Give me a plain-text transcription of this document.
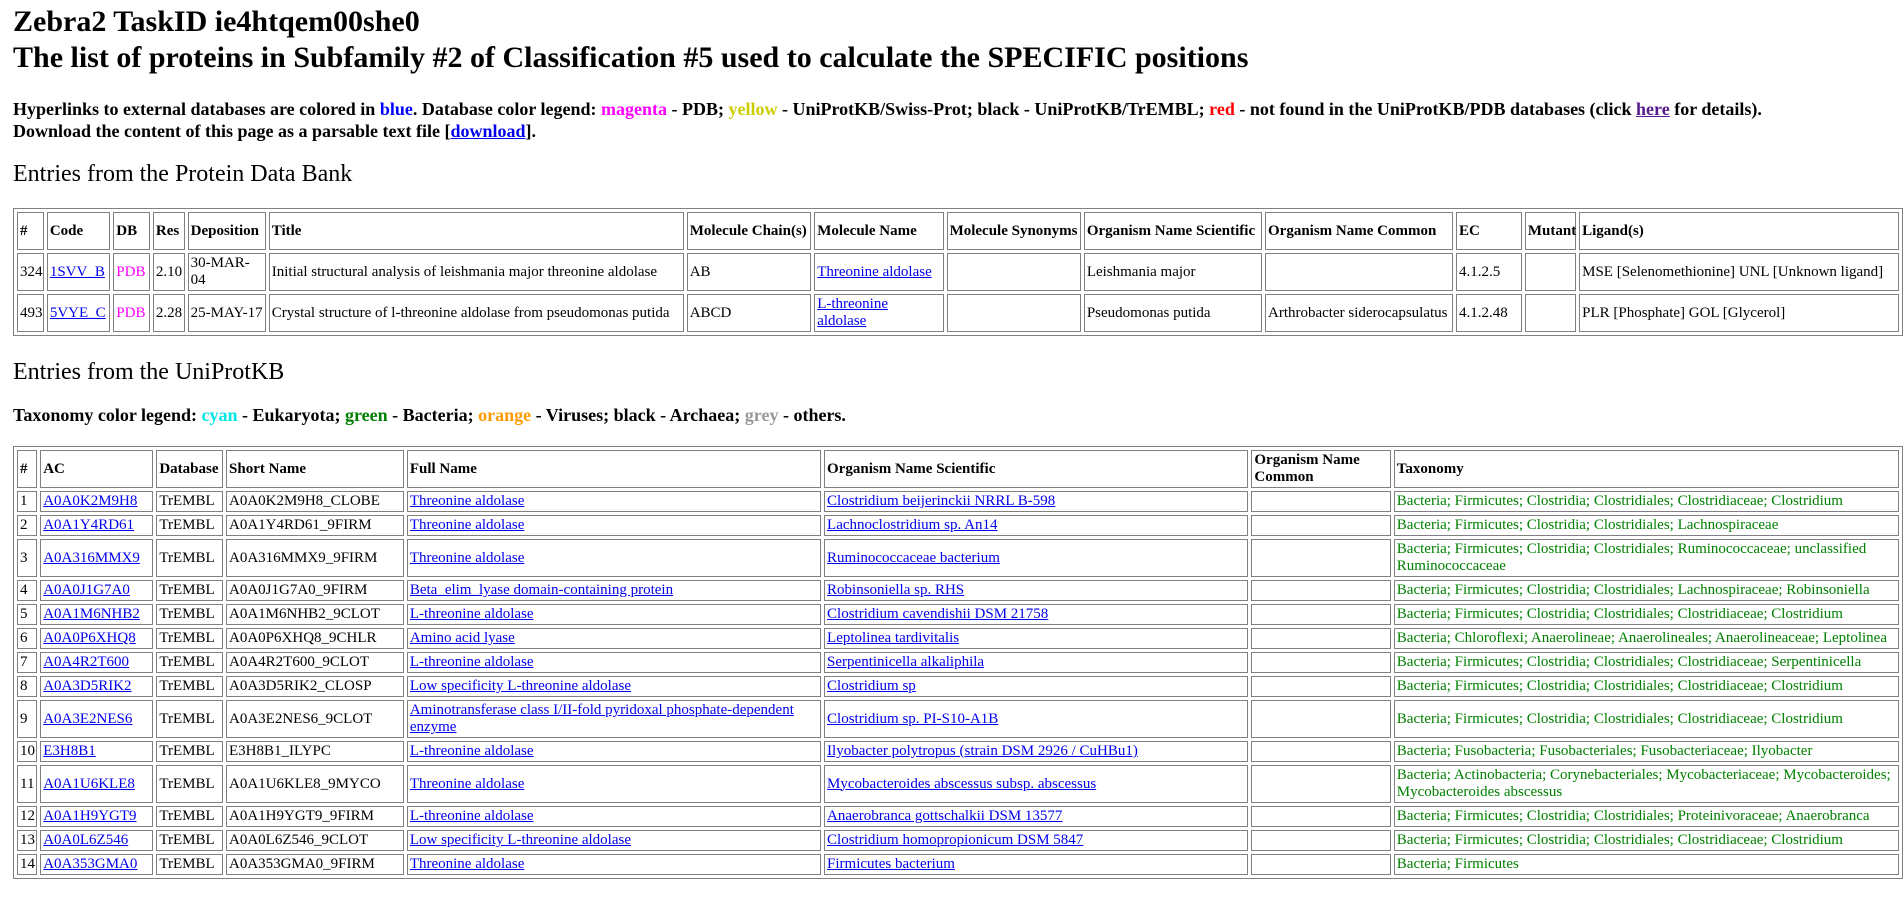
Zebra2 TaskID ie4htqem00she0
The list of proteins in Subfamily #2 of Classification #5 used to calculate the SPECIFIC positions

Hyperlinks to external databases are colored in blue. Database color legend: magenta - PDB; yellow - UniProtKB/Swiss-Prot; black - UniProtKB/TrEMBL; red - not found in the UniProtKB/PDB databases (click here for details).
Download the content of this page as a parsable text file [download].

Entries from the Protein Data Bank
#	Code	DB	Res	Deposition	Title	Molecule Chain(s)	Molecule Name	Molecule Synonyms	Organism Name Scientific	Organism Name Common	EC	Mutant	Ligand(s)
324	1SVV_B	PDB	2.10	30-MAR-04	Initial structural analysis of leishmania major threonine aldolase	AB	Threonine aldolase		Leishmania major		4.1.2.5		MSE [Selenomethionine] UNL [Unknown ligand]
493	5VYE_C	PDB	2.28	25-MAY-17	Crystal structure of l-threonine aldolase from pseudomonas putida	ABCD	L-threonine aldolase		Pseudomonas putida	Arthrobacter siderocapsulatus	4.1.2.48		PLR [Phosphate] GOL [Glycerol]
Entries from the UniProtKB

Taxonomy color legend: cyan - Eukaryota; green - Bacteria; orange - Viruses; black - Archaea; grey - others.

#	AC	Database	Short Name	Full Name	Organism Name Scientific	Organism Name Common	Taxonomy
1	A0A0K2M9H8	TrEMBL	A0A0K2M9H8_CLOBE	Threonine aldolase	Clostridium beijerinckii NRRL B-598		Bacteria; Firmicutes; Clostridia; Clostridiales; Clostridiaceae; Clostridium
2	A0A1Y4RD61	TrEMBL	A0A1Y4RD61_9FIRM	Threonine aldolase	Lachnoclostridium sp. An14		Bacteria; Firmicutes; Clostridia; Clostridiales; Lachnospiraceae
3	A0A316MMX9	TrEMBL	A0A316MMX9_9FIRM	Threonine aldolase	Ruminococcaceae bacterium		Bacteria; Firmicutes; Clostridia; Clostridiales; Ruminococcaceae; unclassified Ruminococcaceae
4	A0A0J1G7A0	TrEMBL	A0A0J1G7A0_9FIRM	Beta_elim_lyase domain-containing protein	Robinsoniella sp. RHS		Bacteria; Firmicutes; Clostridia; Clostridiales; Lachnospiraceae; Robinsoniella
5	A0A1M6NHB2	TrEMBL	A0A1M6NHB2_9CLOT	L-threonine aldolase	Clostridium cavendishii DSM 21758		Bacteria; Firmicutes; Clostridia; Clostridiales; Clostridiaceae; Clostridium
6	A0A0P6XHQ8	TrEMBL	A0A0P6XHQ8_9CHLR	Amino acid lyase	Leptolinea tardivitalis		Bacteria; Chloroflexi; Anaerolineae; Anaerolineales; Anaerolineaceae; Leptolinea
7	A0A4R2T600	TrEMBL	A0A4R2T600_9CLOT	L-threonine aldolase	Serpentinicella alkaliphila		Bacteria; Firmicutes; Clostridia; Clostridiales; Clostridiaceae; Serpentinicella
8	A0A3D5RIK2	TrEMBL	A0A3D5RIK2_CLOSP	Low specificity L-threonine aldolase	Clostridium sp		Bacteria; Firmicutes; Clostridia; Clostridiales; Clostridiaceae; Clostridium
9	A0A3E2NES6	TrEMBL	A0A3E2NES6_9CLOT	Aminotransferase class I/II-fold pyridoxal phosphate-dependent enzyme	Clostridium sp. PI-S10-A1B		Bacteria; Firmicutes; Clostridia; Clostridiales; Clostridiaceae; Clostridium
10	E3H8B1	TrEMBL	E3H8B1_ILYPC	L-threonine aldolase	Ilyobacter polytropus (strain DSM 2926 / CuHBu1)		Bacteria; Fusobacteria; Fusobacteriales; Fusobacteriaceae; Ilyobacter
11	A0A1U6KLE8	TrEMBL	A0A1U6KLE8_9MYCO	Threonine aldolase	Mycobacteroides abscessus subsp. abscessus		Bacteria; Actinobacteria; Corynebacteriales; Mycobacteriaceae; Mycobacteroides; Mycobacteroides abscessus
12	A0A1H9YGT9	TrEMBL	A0A1H9YGT9_9FIRM	L-threonine aldolase	Anaerobranca gottschalkii DSM 13577		Bacteria; Firmicutes; Clostridia; Clostridiales; Proteinivoraceae; Anaerobranca
13	A0A0L6Z546	TrEMBL	A0A0L6Z546_9CLOT	Low specificity L-threonine aldolase	Clostridium homopropionicum DSM 5847		Bacteria; Firmicutes; Clostridia; Clostridiales; Clostridiaceae; Clostridium
14	A0A353GMA0	TrEMBL	A0A353GMA0_9FIRM	Threonine aldolase	Firmicutes bacterium		Bacteria; Firmicutes
